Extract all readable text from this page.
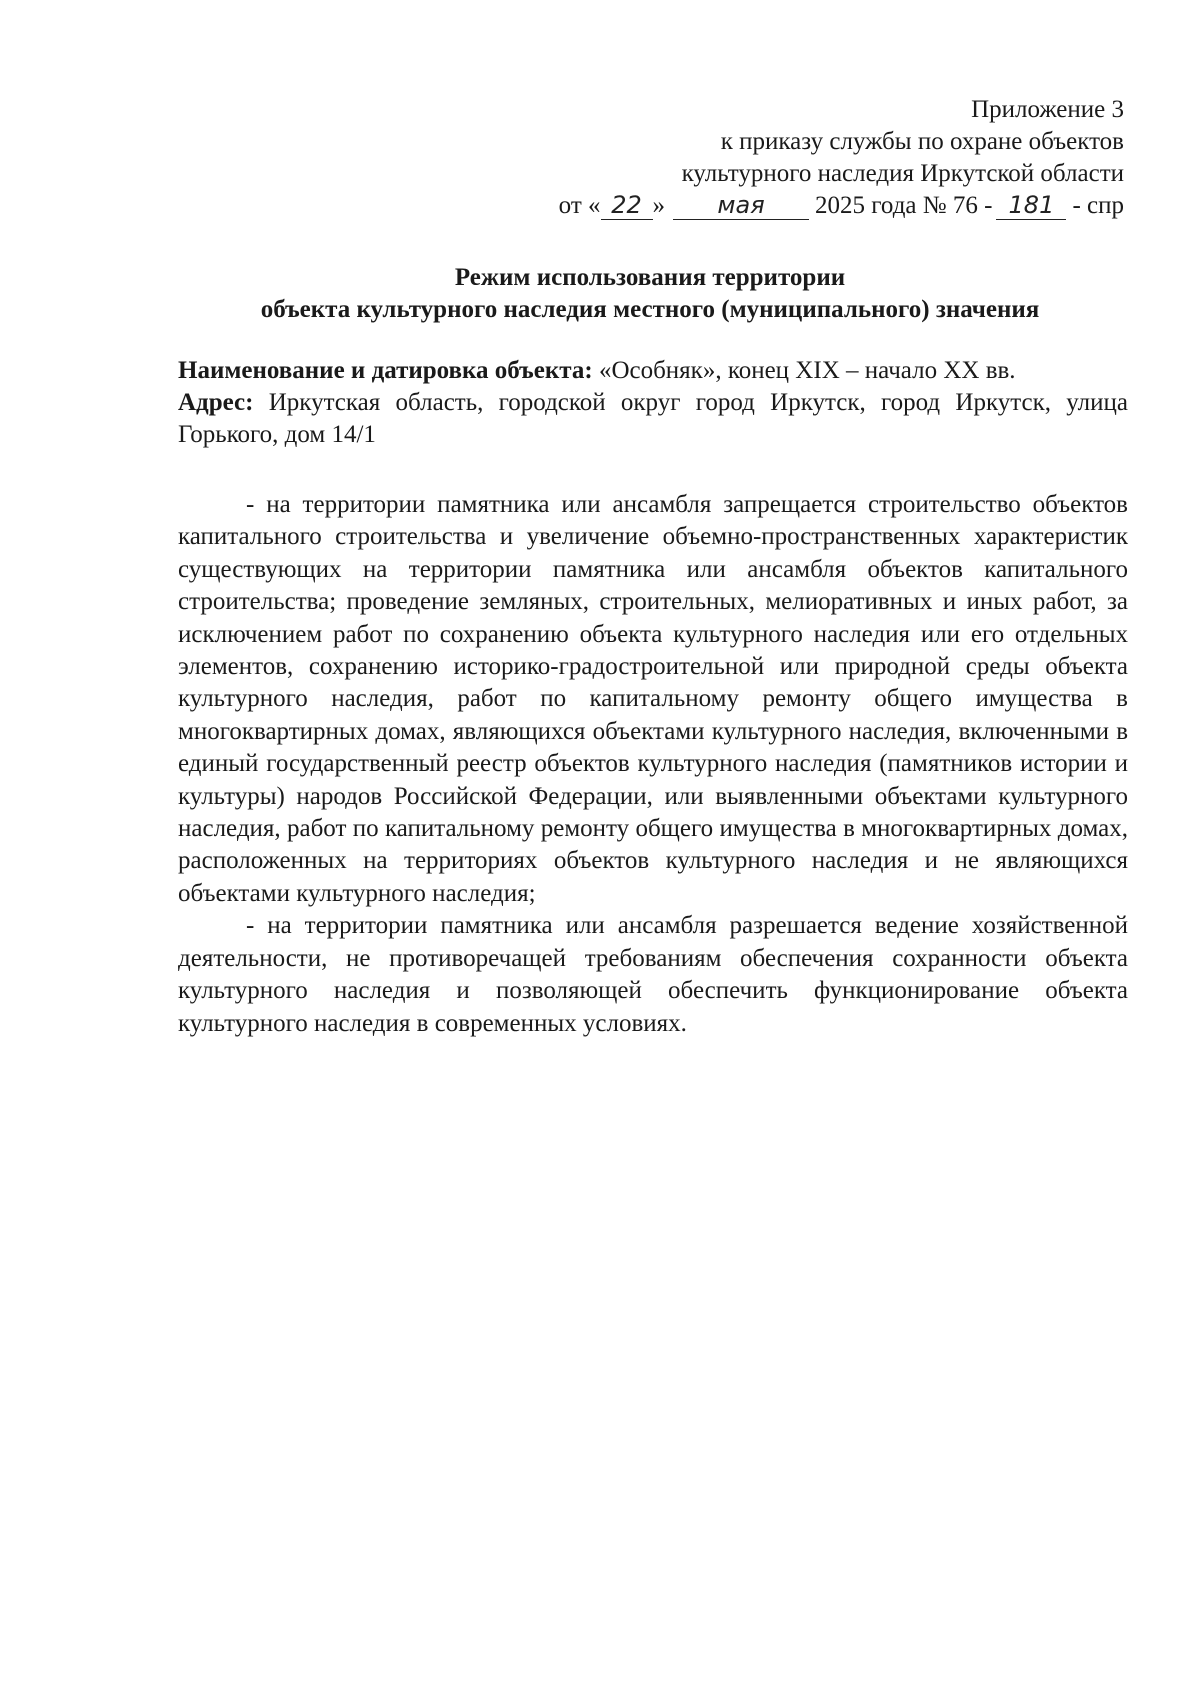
Приложение 3
к приказу службы по охране объектов
культурного наследия Иркутской области
от « 22 » мая 2025 года № 76 - 181 - спр
Режим использования территории
объекта культурного наследия местного (муниципального) значения
Наименование и датировка объекта: «Особняк», конец XIX – начало XX вв.
Адрес: Иркутская область, городской округ город Иркутск, город Иркутск, улица Горького, дом 14/1

- на территории памятника или ансамбля запрещается строительство объектов капитального строительства и увеличение объемно-пространственных характеристик существующих на территории памятника или ансамбля объектов капитального строительства; проведение земляных, строительных, мелиоративных и иных работ, за исключением работ по сохранению объекта культурного наследия или его отдельных элементов, сохранению историко-градостроительной или природной среды объекта культурного наследия, работ по капитальному ремонту общего имущества в многоквартирных домах, являющихся объектами культурного наследия, включенными в единый государственный реестр объектов культурного наследия (памятников истории и культуры) народов Российской Федерации, или выявленными объектами культурного наследия, работ по капитальному ремонту общего имущества в многоквартирных домах, расположенных на территориях объектов культурного наследия и не являющихся объектами культурного наследия;

- на территории памятника или ансамбля разрешается ведение хозяйственной деятельности, не противоречащей требованиям обеспечения сохранности объекта культурного наследия и позволяющей обеспечить функционирование объекта культурного наследия в современных условиях.
